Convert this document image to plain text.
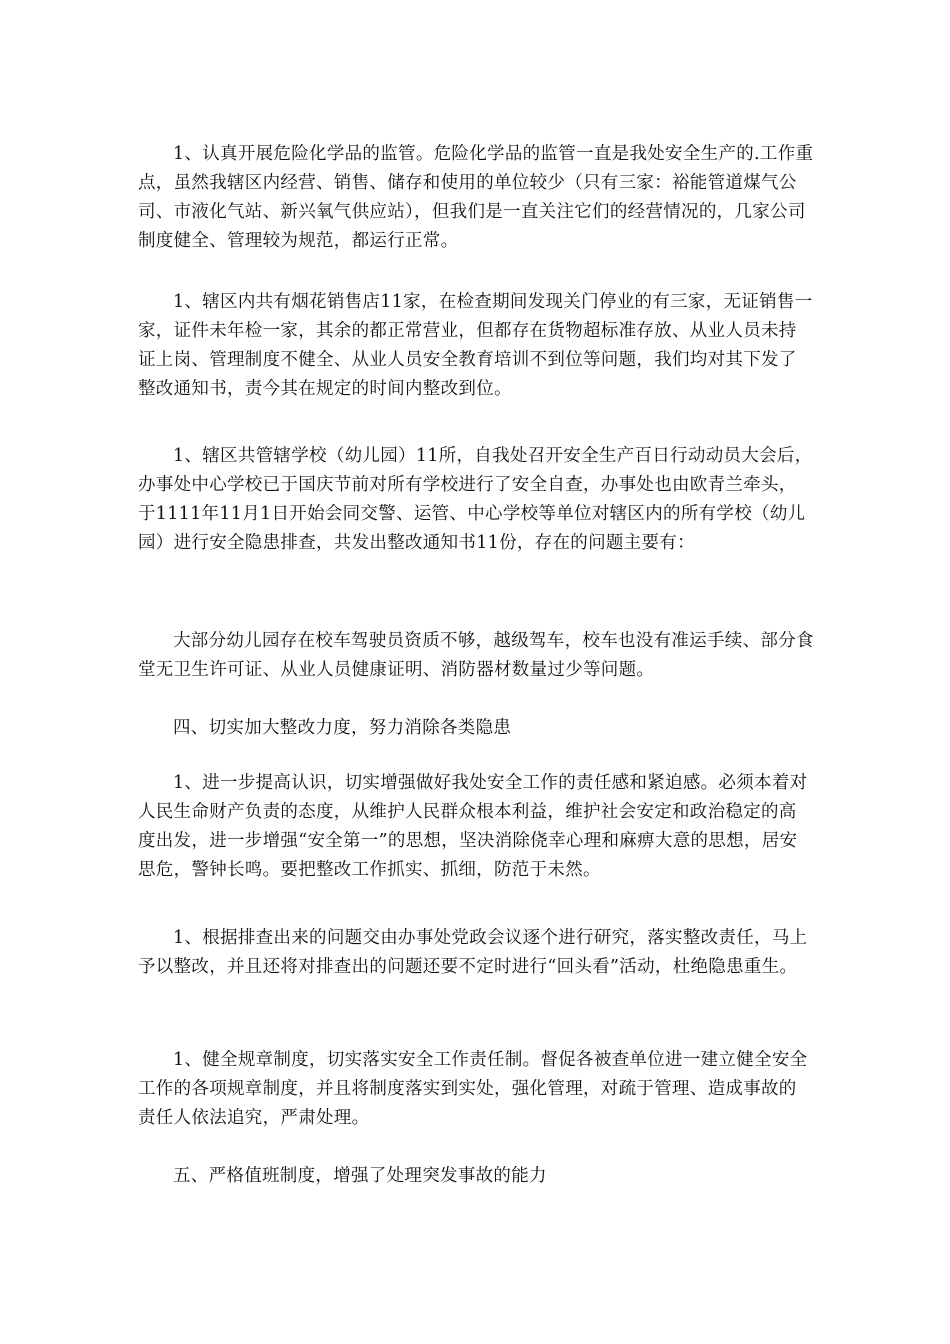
1、认真开展危险化学品的监管。危险化学品的监管一直是我处安全生产的.工作重点，虽然我辖区内经营、销售、储存和使用的单位较少（只有三家：裕能管道煤气公司、市液化气站、新兴氧气供应站），但我们是一直关注它们的经营情况的，几家公司制度健全、管理较为规范，都运行正常。

1、辖区内共有烟花销售店11家，在检查期间发现关门停业的有三家，无证销售一家，证件未年检一家，其余的都正常营业，但都存在货物超标准存放、从业人员未持证上岗、管理制度不健全、从业人员安全教育培训不到位等问题，我们均对其下发了整改通知书，责今其在规定的时间内整改到位。

1、辖区共管辖学校（幼儿园）11所，自我处召开安全生产百日行动动员大会后，办事处中心学校已于国庆节前对所有学校进行了安全自查，办事处也由欧青兰牵头，于1111年11月1日开始会同交警、运管、中心学校等单位对辖区内的所有学校（幼儿园）进行安全隐患排查，共发出整改通知书11份，存在的问题主要有：

大部分幼儿园存在校车驾驶员资质不够，越级驾车，校车也没有准运手续、部分食堂无卫生许可证、从业人员健康证明、消防器材数量过少等问题。

四、切实加大整改力度，努力消除各类隐患

1、进一步提高认识，切实增强做好我处安全工作的责任感和紧迫感。必须本着对人民生命财产负责的态度，从维护人民群众根本利益，维护社会安定和政治稳定的高度出发，进一步增强“安全第一”的思想，坚决消除侥幸心理和麻痹大意的思想，居安思危，警钟长鸣。要把整改工作抓实、抓细，防范于未然。

1、根据排查出来的问题交由办事处党政会议逐个进行研究，落实整改责任，马上予以整改，并且还将对排查出的问题还要不定时进行“回头看”活动，杜绝隐患重生。

1、健全规章制度，切实落实安全工作责任制。督促各被查单位进一建立健全安全工作的各项规章制度，并且将制度落实到实处，强化管理，对疏于管理、造成事故的责任人依法追究，严肃处理。

五、严格值班制度，增强了处理突发事故的能力
